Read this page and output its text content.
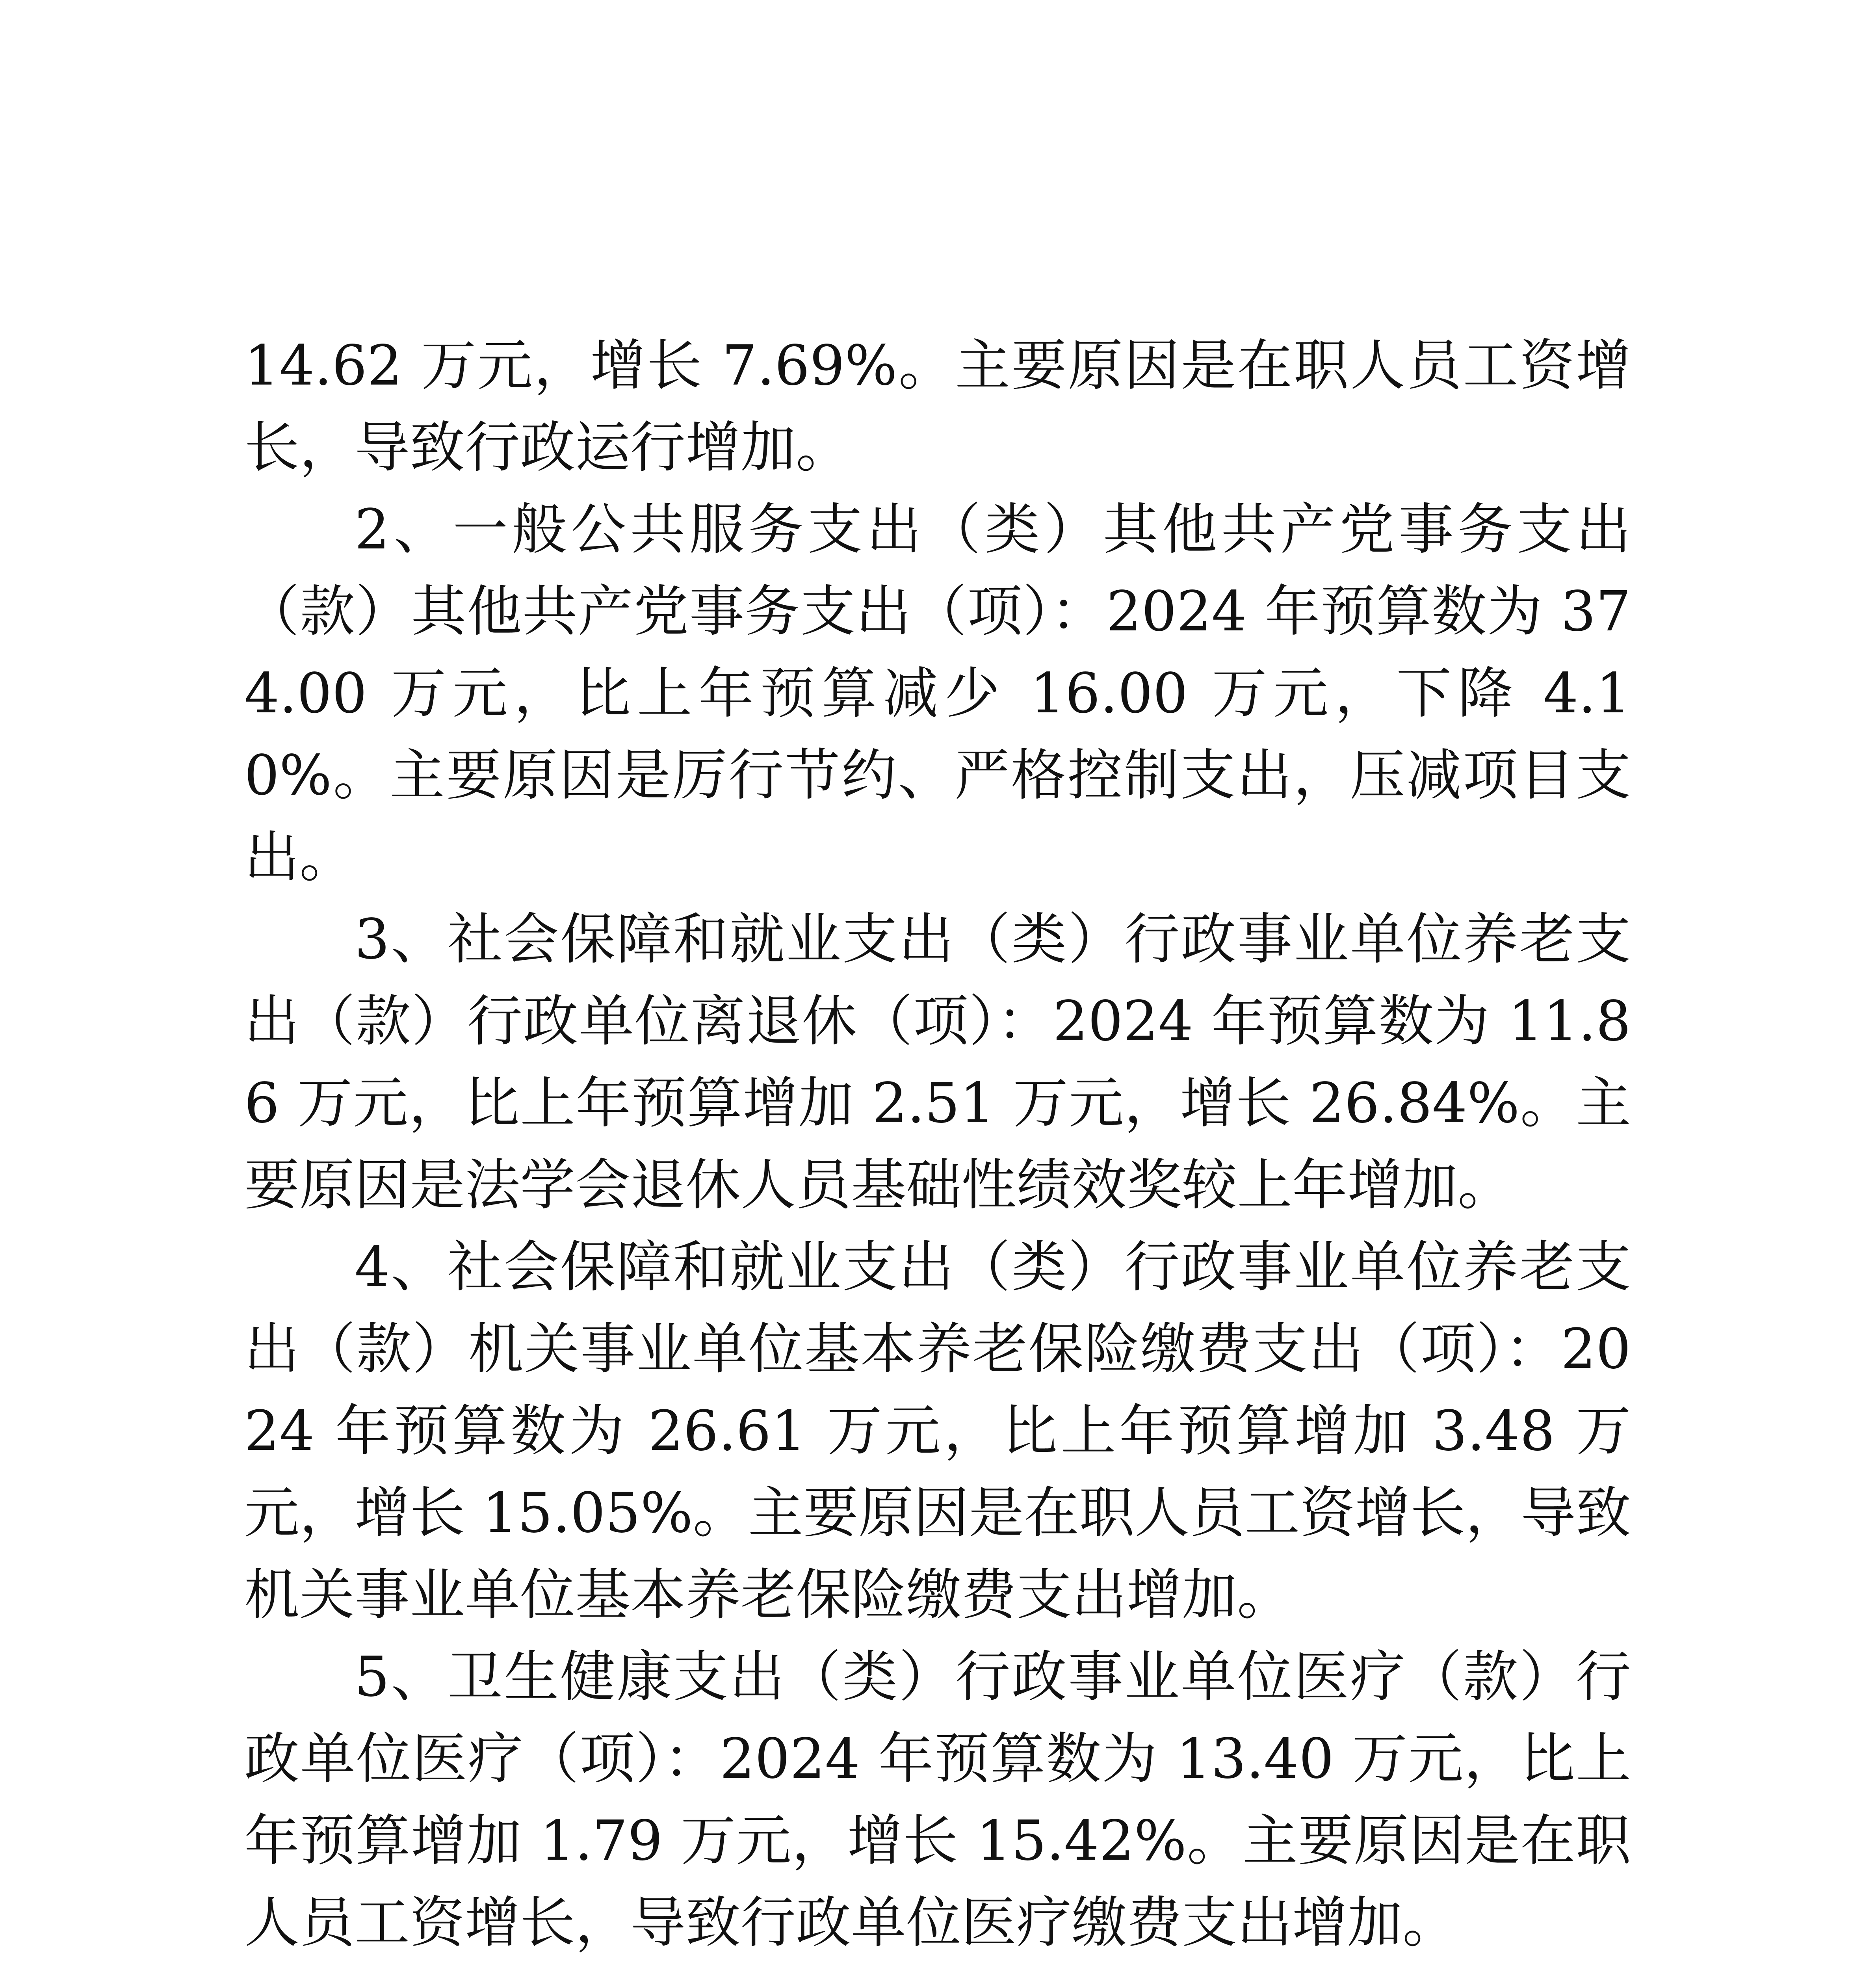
14.62 万元，增长 7.69%。主要原因是在职人员工资增长，导致行政运行增加。

2、一般公共服务支出（类）其他共产党事务支出（款）其他共产党事务支出（项）：2024 年预算数为 374.00 万元，比上年预算减少 16.00 万元，下降 4.10%。主要原因是厉行节约、严格控制支出，压减项目支出。

3、社会保障和就业支出（类）行政事业单位养老支出（款）行政单位离退休（项）：2024 年预算数为 11.86 万元，比上年预算增加 2.51 万元，增长 26.84%。主要原因是法学会退休人员基础性绩效奖较上年增加。

4、社会保障和就业支出（类）行政事业单位养老支出（款）机关事业单位基本养老保险缴费支出（项）：2024 年预算数为 26.61 万元，比上年预算增加 3.48 万元，增长 15.05%。主要原因是在职人员工资增长，导致机关事业单位基本养老保险缴费支出增加。

5、卫生健康支出（类）行政事业单位医疗（款）行政单位医疗（项）：2024 年预算数为 13.40 万元，比上年预算增加 1.79 万元，增长 15.42%。主要原因是在职人员工资增长，导致行政单位医疗缴费支出增加。
